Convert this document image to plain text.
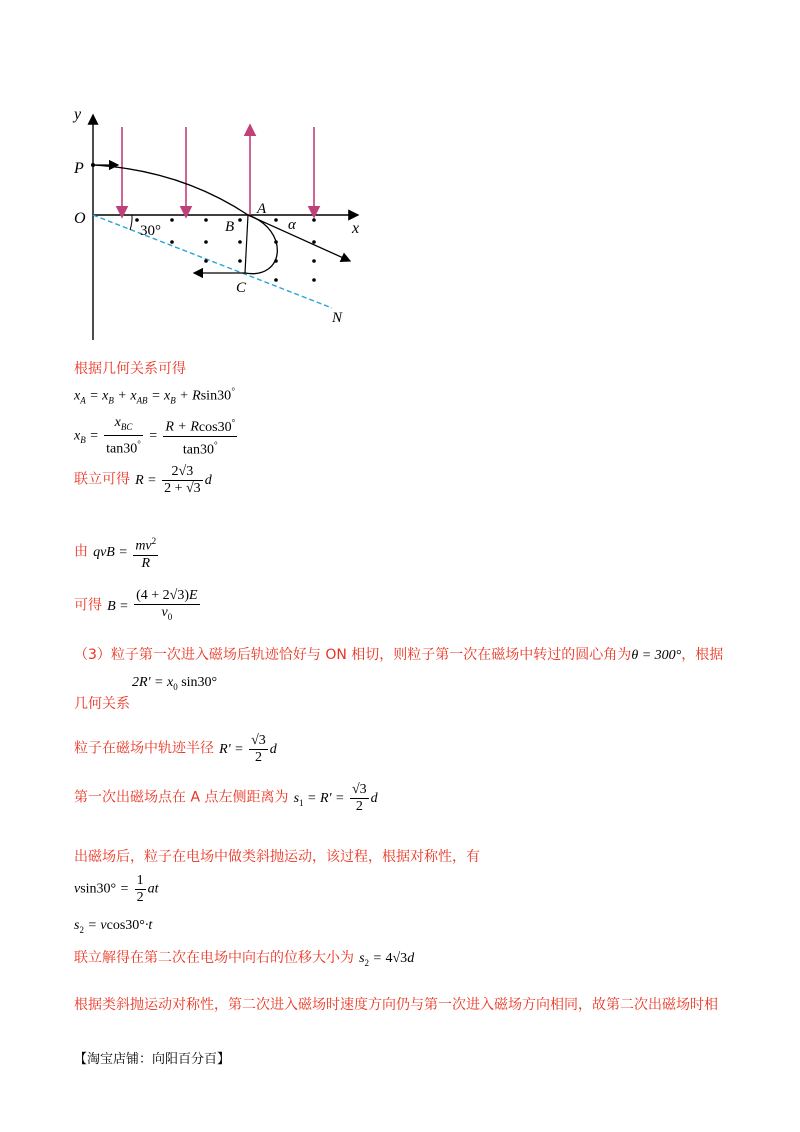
y
P
O
x
A
B
C
N
30°	α
根据几何关系可得
$x_A = x_B + x_{AB} = x_B + Rsin30^\circ$
$x_B = \frac{x_{BC}}{\tan 30^\circ} = \frac{R + Rcos30^\circ}{\tan 30^\circ}$
联立可得 $R = \frac{2√3}{2 + √3}$ d
由 qvB = $\frac{mv^2}{R}$
可得 $B = \frac{(4 + 2√3)E}{v_0}$
（3）粒子第一次进入磁场后轨迹恰好与 ON 相切，则粒子第一次在磁场中转过的圆心角为θ = 300°，根据
$2R' = x_0$ sin30°
几何关系
粒子在磁场中轨迹半径 $R' = \frac{√3}{2}$ d
第一次出磁场点在 A 点左侧距离为 $s_1 = R' = \frac{√3}{2}$ d
出磁场后，粒子在电场中做类斜抛运动，该过程，根据对称性，有
$vsin30^\circ = \frac{1}{2}$ at
$s_2 = vcos30^\circ\cdot t$
联立解得在第二次在电场中向右的位移大小为 $s_2 = 4√3d$
根据类斜抛运动对称性，第二次进入磁场时速度方向仍与第一次进入磁场方向相同，故第二次出磁场时相
【淘宝店铺：向阳百分百】
